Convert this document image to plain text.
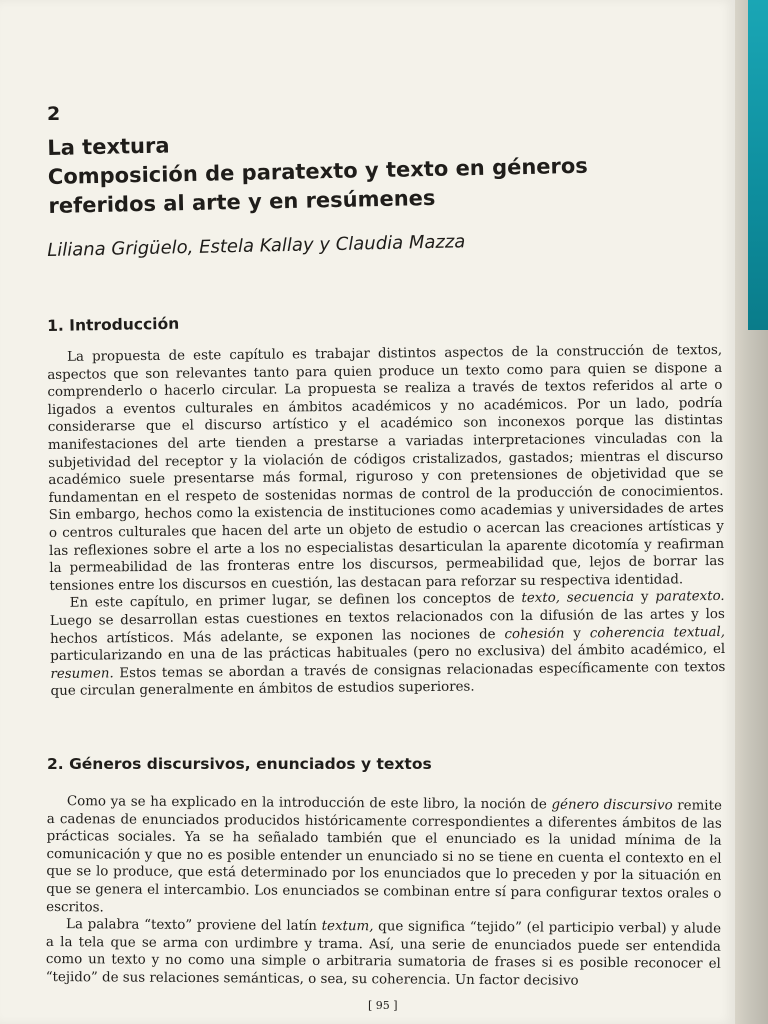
2
La textura
Composición de paratexto y texto en géneros
referidos al arte y en resúmenes
Liliana Grigüelo, Estela Kallay y Claudia Mazza
1. Introducción

La propuesta de este capítulo es trabajar distintos aspectos de la construcción de textos, aspectos que son relevantes tanto para quien produce un texto como para quien se dispone a comprenderlo o hacerlo circular. La propuesta se realiza a través de textos referidos al arte o ligados a eventos culturales en ámbitos académicos y no académicos. Por un lado, podría considerarse que el discurso artístico y el académico son inconexos porque las distintas manifestaciones del arte tienden a prestarse a variadas interpretaciones vinculadas con la subjetividad del receptor y la violación de códigos cristalizados, gastados; mientras el discurso académico suele presentarse más formal, riguroso y con pretensiones de objetividad que se fundamentan en el respeto de sostenidas normas de control de la producción de conocimientos. Sin embargo, hechos como la existencia de instituciones como academias y universidades de artes o centros culturales que hacen del arte un objeto de estudio o acercan las creaciones artísticas y las reflexiones sobre el arte a los no especialistas desarticulan la aparente dicotomía y reafirman la permeabilidad de las fronteras entre los discursos, permeabilidad que, lejos de borrar las tensiones entre los discursos en cuestión, las destacan para reforzar su respectiva identidad.

En este capítulo, en primer lugar, se definen los conceptos de texto, secuencia y paratexto. Luego se desarrollan estas cuestiones en textos relacionados con la difusión de las artes y los hechos artísticos. Más adelante, se exponen las nociones de cohesión y coherencia textual, particularizando en una de las prácticas habituales (pero no exclusiva) del ámbito académico, el resumen. Estos temas se abordan a través de consignas relacionadas específicamente con textos que circulan generalmente en ámbitos de estudios superiores.

2. Géneros discursivos, enunciados y textos

Como ya se ha explicado en la introducción de este libro, la noción de género discursivo remite a cadenas de enunciados producidos históricamente correspondientes a diferentes ámbitos de las prácticas sociales. Ya se ha señalado también que el enunciado es la unidad mínima de la comunicación y que no es posible entender un enunciado si no se tiene en cuenta el contexto en el que se lo produce, que está determinado por los enunciados que lo preceden y por la situación en que se genera el intercambio. Los enunciados se combinan entre sí para configurar textos orales o escritos.

La palabra “texto” proviene del latín textum, que significa “tejido” (el participio verbal) y alude a la tela que se arma con urdimbre y trama. Así, una serie de enunciados puede ser entendida como un texto y no como una simple o arbitraria sumatoria de frases si es posible reconocer el “tejido” de sus relaciones semánticas, o sea, su coherencia. Un factor decisivo

[ 95 ]
